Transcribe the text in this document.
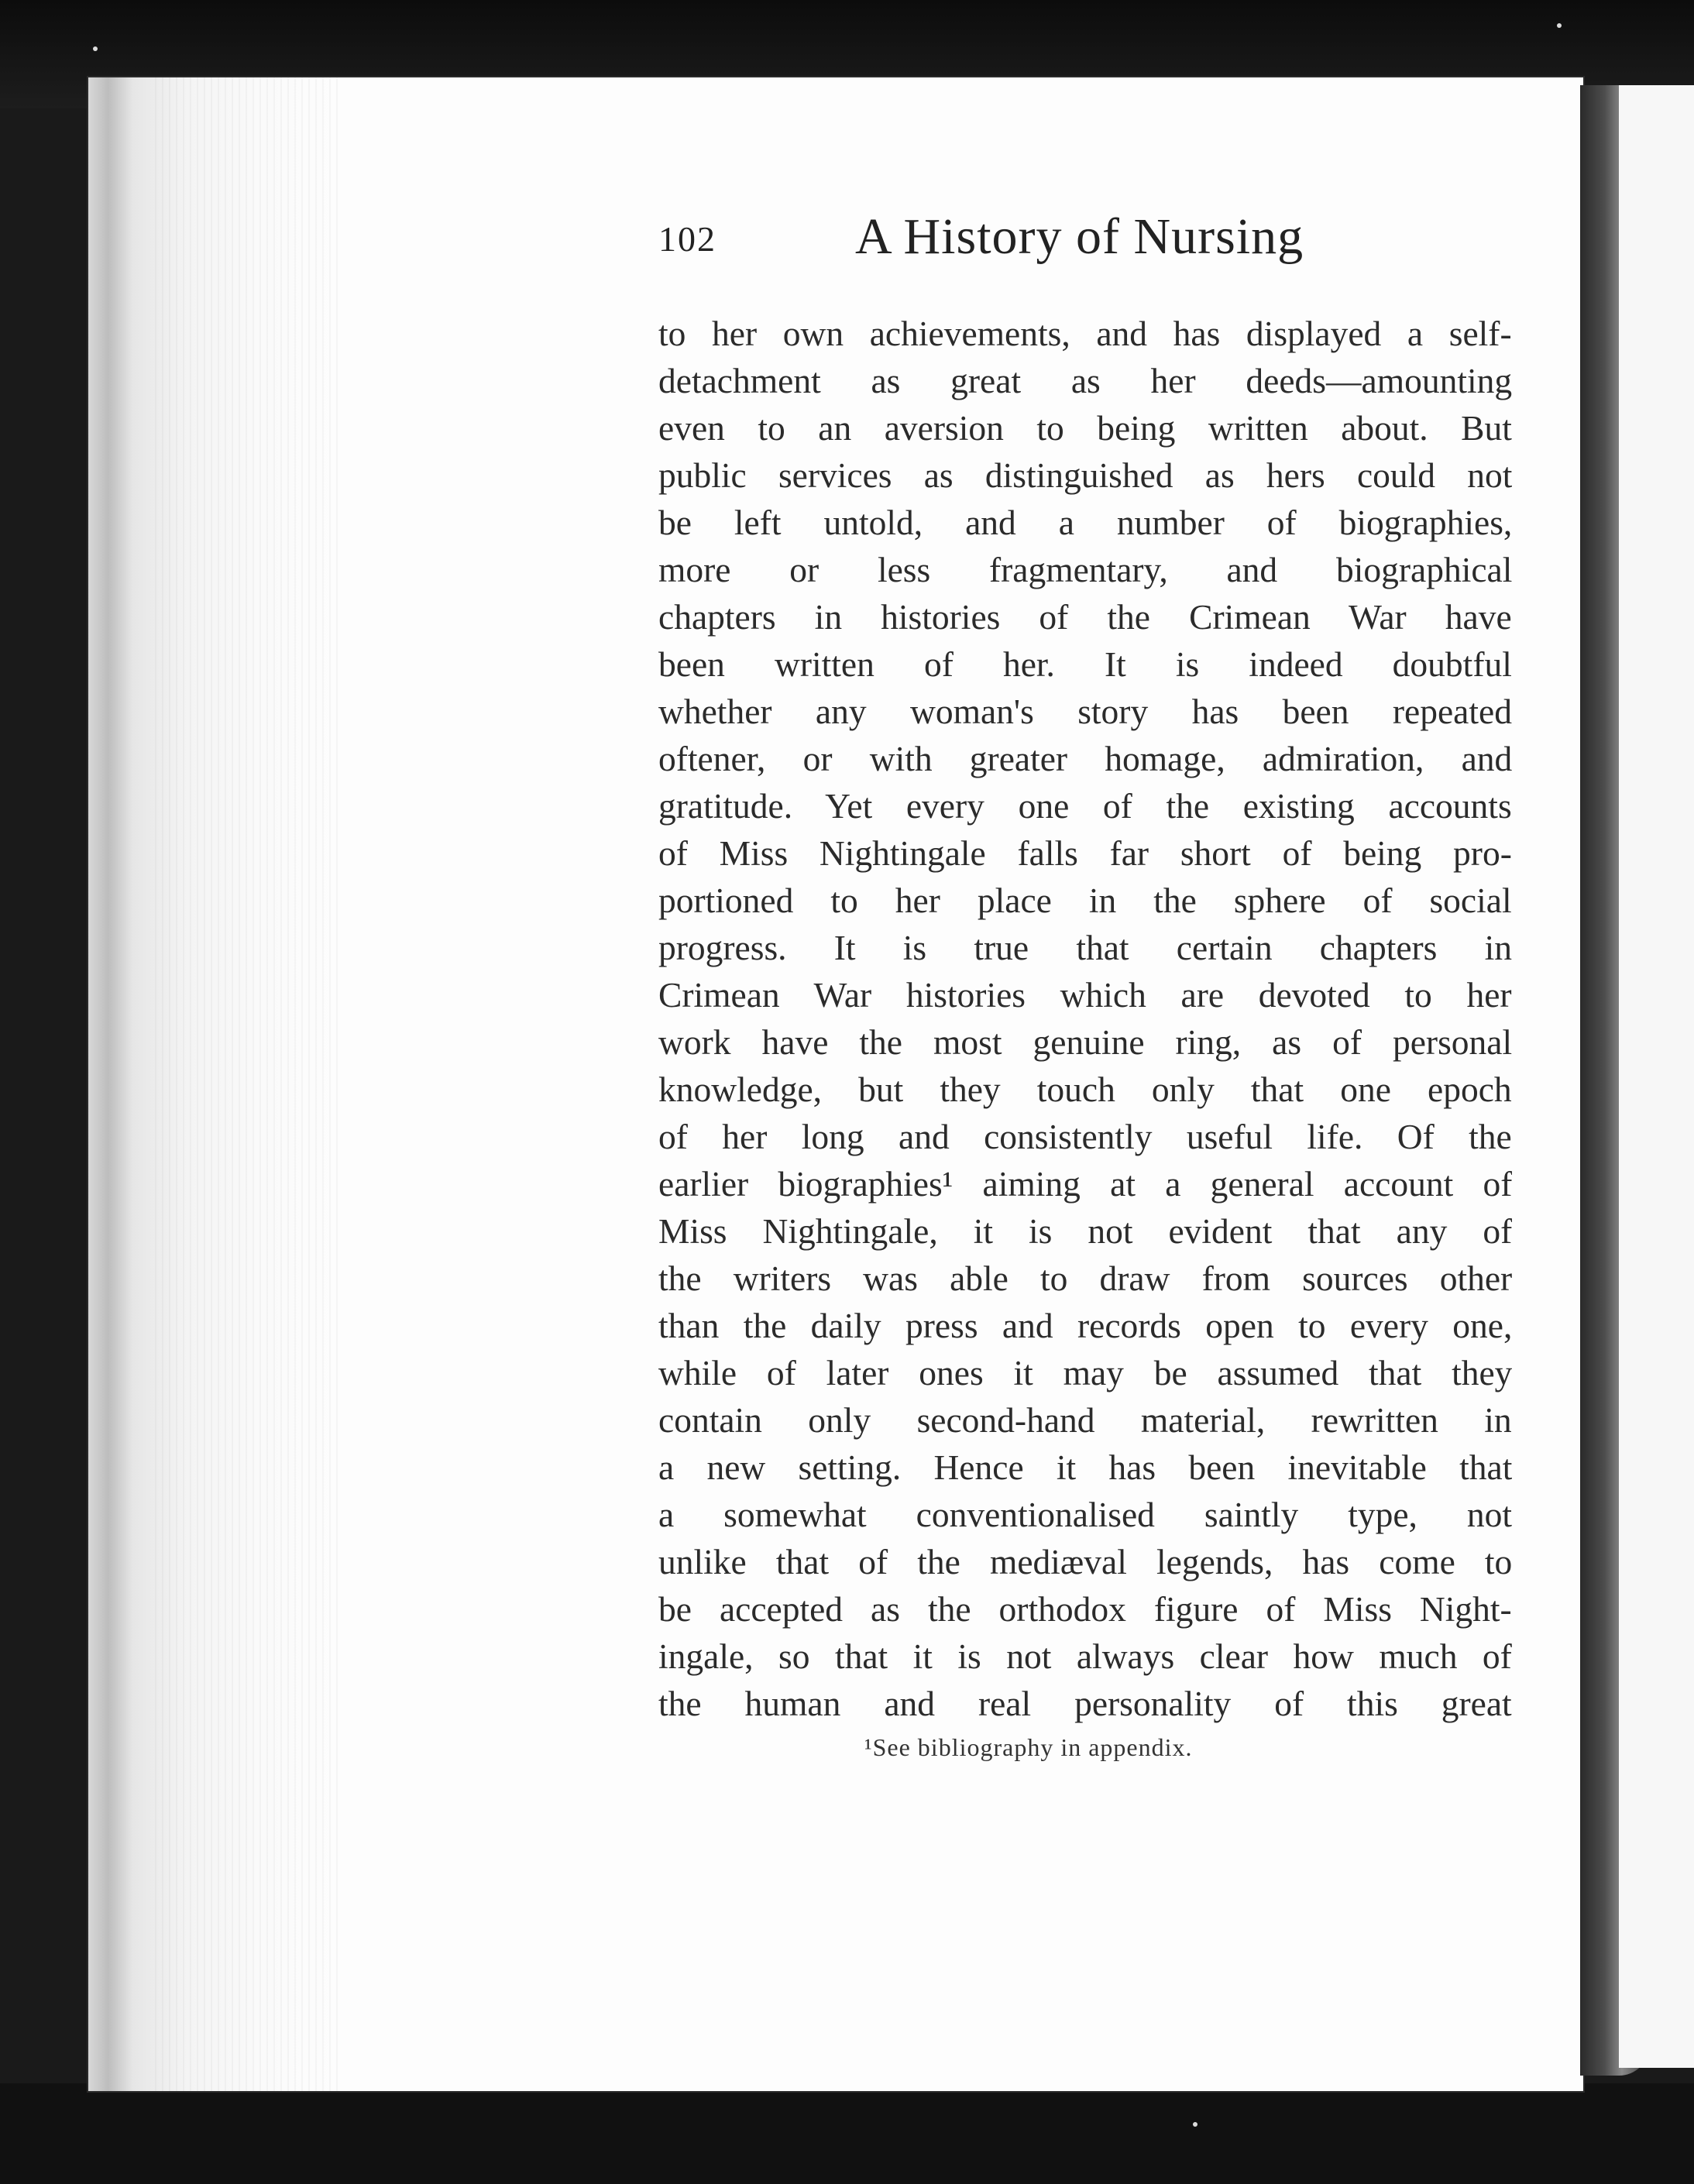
102	A History of Nursing
to her own achievements, and has displayed a self-
detachment as great as her deeds—amounting
even to an aversion to being written about. But
public services as distinguished as hers could not
be left untold, and a number of biographies,
more or less fragmentary, and biographical
chapters in histories of the Crimean War have
been written of her. It is indeed doubtful
whether any woman's story has been repeated
oftener, or with greater homage, admiration, and
gratitude. Yet every one of the existing accounts
of Miss Nightingale falls far short of being pro-
portioned to her place in the sphere of social
progress. It is true that certain chapters in
Crimean War histories which are devoted to her
work have the most genuine ring, as of personal
knowledge, but they touch only that one epoch
of her long and consistently useful life. Of the
earlier biographies¹ aiming at a general account of
Miss Nightingale, it is not evident that any of
the writers was able to draw from sources other
than the daily press and records open to every one,
while of later ones it may be assumed that they
contain only second-hand material, rewritten in
a new setting. Hence it has been inevitable that
a somewhat conventionalised saintly type, not
unlike that of the mediæval legends, has come to
be accepted as the orthodox figure of Miss Night-
ingale, so that it is not always clear how much of
the human and real personality of this great
¹See bibliography in appendix.
